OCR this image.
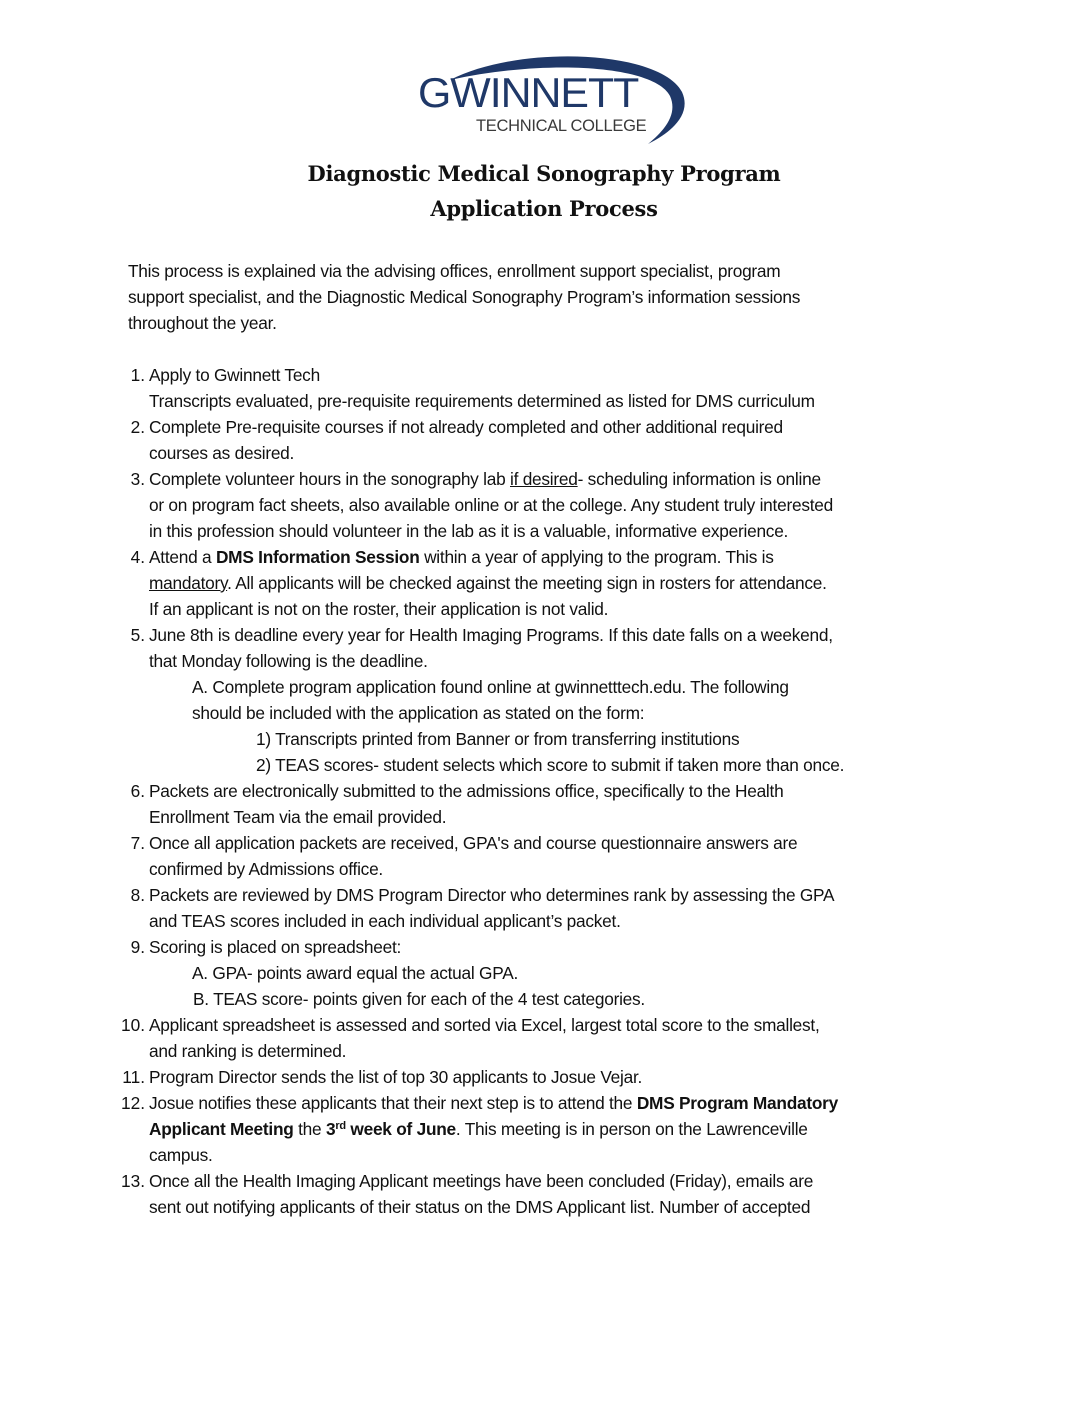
GWINNETT
TECHNICAL COLLEGE
Diagnostic Medical Sonography Program
Application Process
This process is explained via the advising offices, enrollment support specialist, program
support specialist, and the Diagnostic Medical Sonography Program’s information sessions
throughout the year.
1. Apply to Gwinnett Tech
Transcripts evaluated, pre-requisite requirements determined as listed for DMS curriculum
2. Complete Pre-requisite courses if not already completed and other additional required
courses as desired.
3. Complete volunteer hours in the sonography lab if desired- scheduling information is online
or on program fact sheets, also available online or at the college. Any student truly interested
in this profession should volunteer in the lab as it is a valuable, informative experience.
4. Attend a DMS Information Session within a year of applying to the program. This is
mandatory. All applicants will be checked against the meeting sign in rosters for attendance.
If an applicant is not on the roster, their application is not valid.
5. June 8th is deadline every year for Health Imaging Programs. If this date falls on a weekend,
that Monday following is the deadline.
A. Complete program application found online at gwinnetttech.edu. The following
should be included with the application as stated on the form:
1) Transcripts printed from Banner or from transferring institutions
2) TEAS scores- student selects which score to submit if taken more than once.
6. Packets are electronically submitted to the admissions office, specifically to the Health
Enrollment Team via the email provided.
7. Once all application packets are received, GPA's and course questionnaire answers are
confirmed by Admissions office.
8. Packets are reviewed by DMS Program Director who determines rank by assessing the GPA
and TEAS scores included in each individual applicant’s packet.
9. Scoring is placed on spreadsheet:
A. GPA- points award equal the actual GPA.
B. TEAS score- points given for each of the 4 test categories.
10. Applicant spreadsheet is assessed and sorted via Excel, largest total score to the smallest,
and ranking is determined.
11. Program Director sends the list of top 30 applicants to Josue Vejar.
12. Josue notifies these applicants that their next step is to attend the DMS Program Mandatory
Applicant Meeting the 3rd week of June. This meeting is in person on the Lawrenceville
campus.
13. Once all the Health Imaging Applicant meetings have been concluded (Friday), emails are
sent out notifying applicants of their status on the DMS Applicant list. Number of accepted
